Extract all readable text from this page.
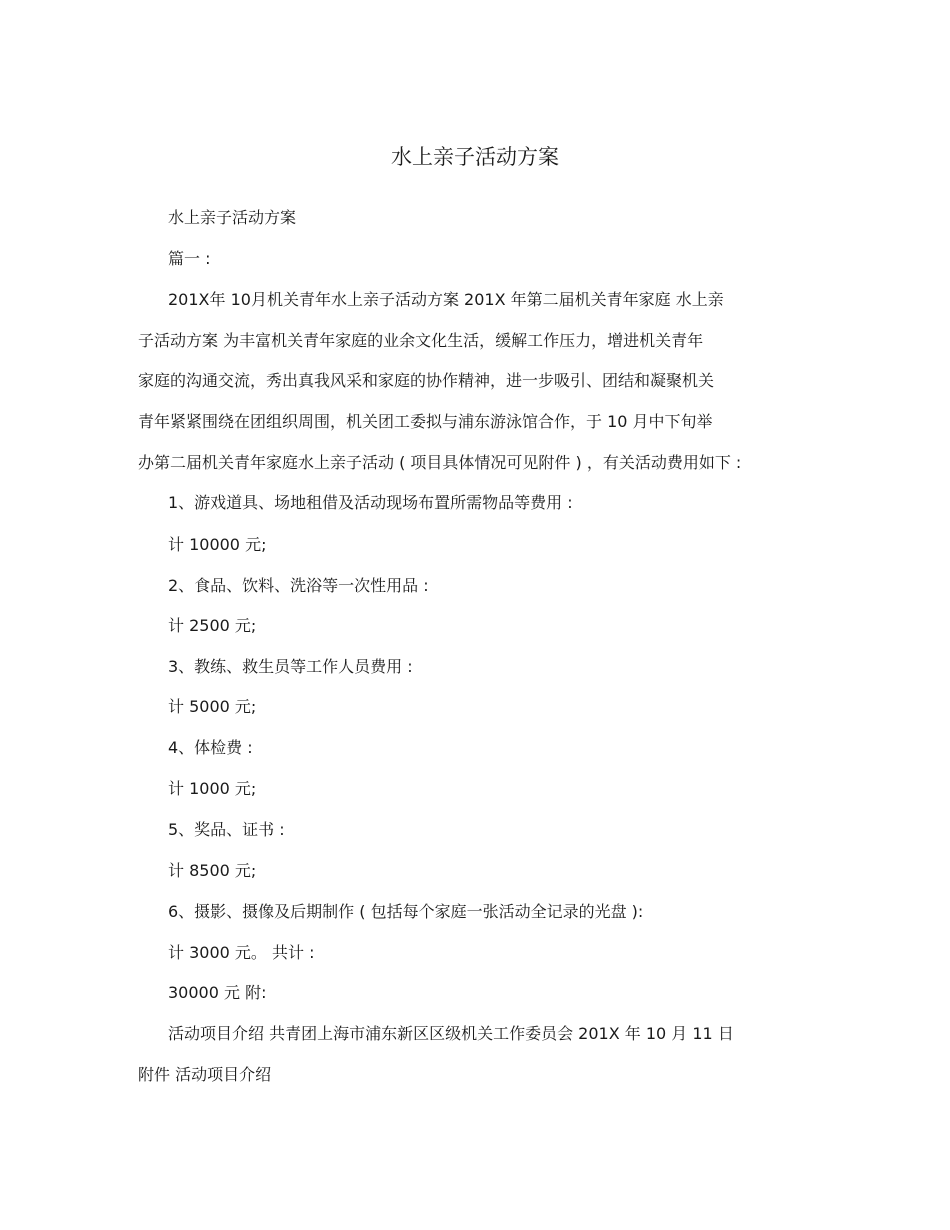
水上亲子活动方案
水上亲子活动方案
篇一 :
201X年 10月机关青年水上亲子活动方案 201X 年第二届机关青年家庭 水上亲
子活动方案 为丰富机关青年家庭的业余文化生活，缓解工作压力，增进机关青年
家庭的沟通交流，秀出真我风采和家庭的协作精神，进一步吸引、团结和凝聚机关
青年紧紧围绕在团组织周围，机关团工委拟与浦东游泳馆合作，于 10 月中下旬举
办第二届机关青年家庭水上亲子活动 ( 项目具体情况可见附件 ) ，有关活动费用如下 :
1、游戏道具、场地租借及活动现场布置所需物品等费用 :
计 10000 元;
2、食品、饮料、洗浴等一次性用品 :
计 2500 元;
3、教练、救生员等工作人员费用 :
计 5000 元;
4、体检费 :
计 1000 元;
5、奖品、证书 :
计 8500 元;
6、摄影、摄像及后期制作 ( 包括每个家庭一张活动全记录的光盘 ):
计 3000 元。 共计 :
30000 元 附:
活动项目介绍 共青团上海市浦东新区区级机关工作委员会 201X 年 10 月 11 日
附件 活动项目介绍
